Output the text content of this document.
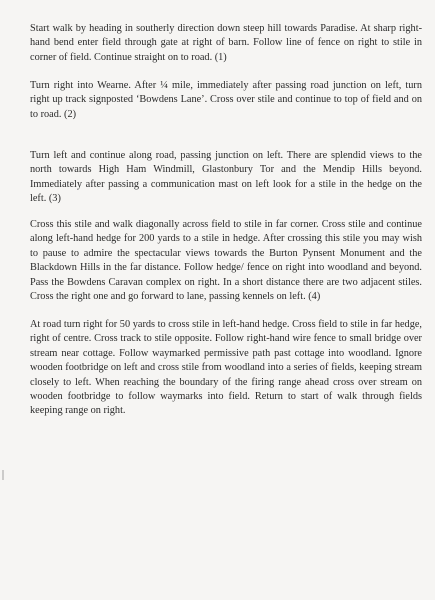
Start walk by heading in southerly direction down steep hill towards Paradise. At sharp right-hand bend enter field through gate at right of barn. Follow line of fence on right to stile in corner of field. Continue straight on to road. (1)

Turn right into Wearne. After ¼ mile, immediately after passing road junction on left, turn right up track signposted ‘Bowdens Lane’. Cross over stile and continue to top of field and on to road. (2)

Turn left and continue along road, passing junction on left. There are splendid views to the north towards High Ham Windmill, Glastonbury Tor and the Mendip Hills beyond. Immediately after passing a communication mast on left look for a stile in the hedge on the left. (3)

Cross this stile and walk diagonally across field to stile in far corner. Cross stile and continue along left-hand hedge for 200 yards to a stile in hedge. After crossing this stile you may wish to pause to admire the spectacular views towards the Burton Pynsent Monument and the Blackdown Hills in the far distance. Follow hedge/ fence on right into woodland and beyond. Pass the Bowdens Caravan complex on right. In a short distance there are two adjacent stiles. Cross the right one and go forward to lane, passing kennels on left. (4)

At road turn right for 50 yards to cross stile in left-hand hedge. Cross field to stile in far hedge, right of centre. Cross track to stile opposite. Follow right-hand wire fence to small bridge over stream near cottage. Follow waymarked permissive path past cottage into woodland. Ignore wooden footbridge on left and cross stile from woodland into a series of fields, keeping stream closely to left. When reaching the boundary of the firing range ahead cross over stream on wooden footbridge to follow waymarks into field. Return to start of walk through fields keeping range on right.
